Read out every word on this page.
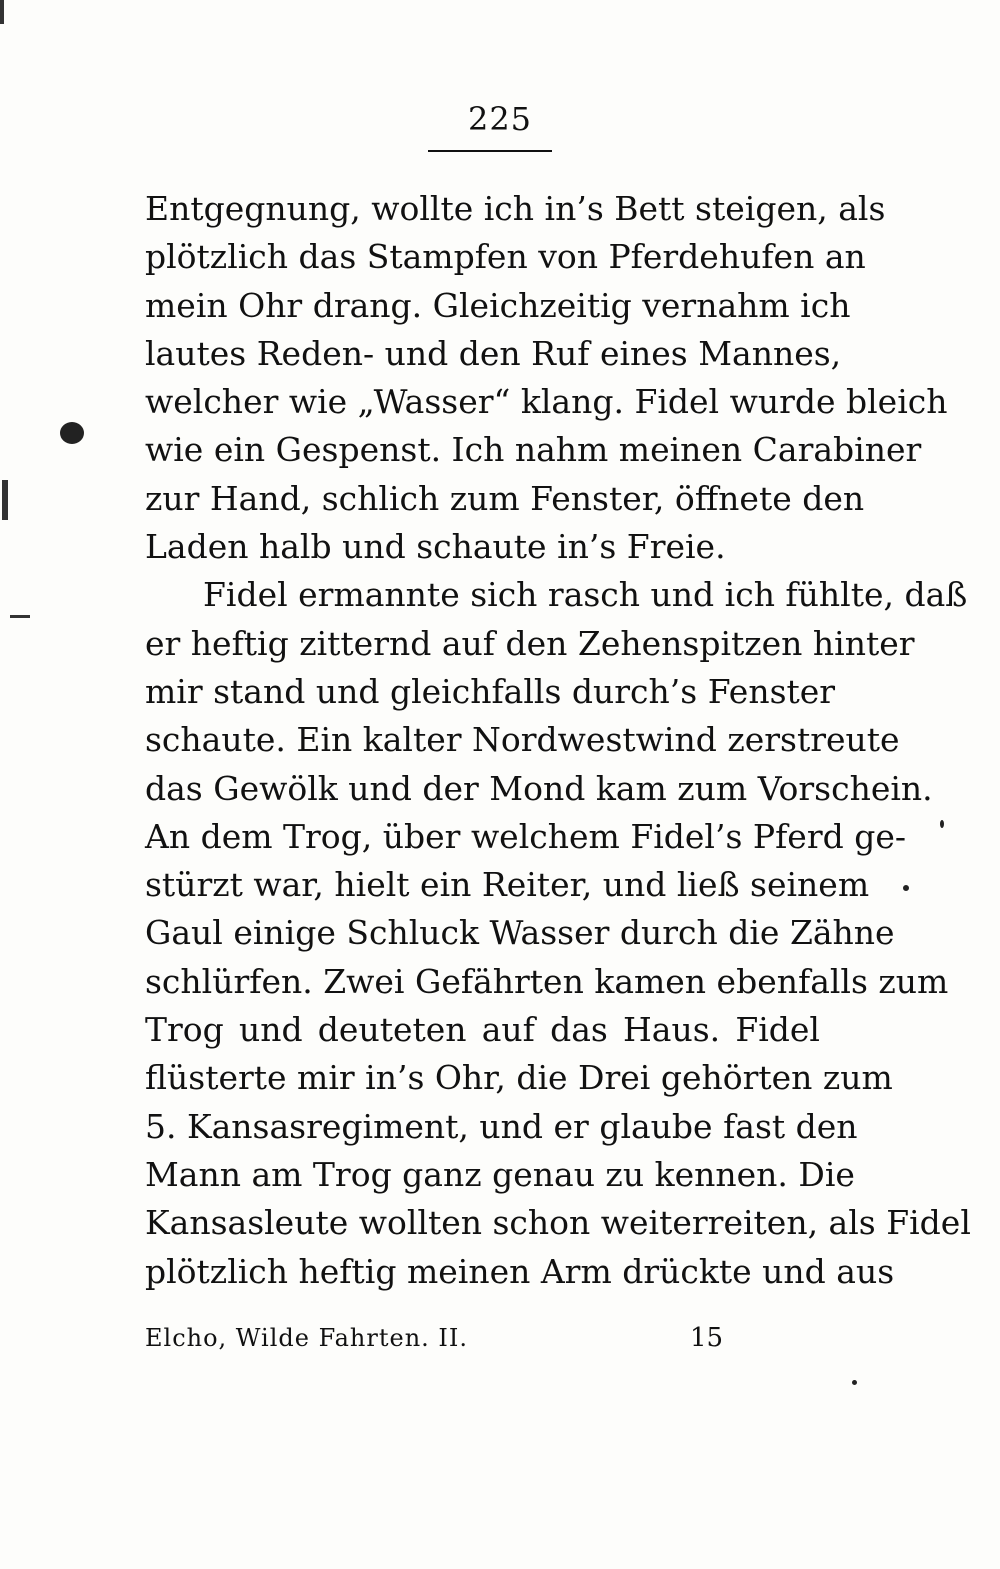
225
Entgegnung, wollte ich in’s Bett steigen, als
plötzlich das Stampfen von Pferdehufen an
mein Ohr drang. Gleichzeitig vernahm ich
lautes Reden- und den Ruf eines Mannes,
welcher wie „Wasser“ klang. Fidel wurde bleich
wie ein Gespenst. Ich nahm meinen Carabiner
zur Hand, schlich zum Fenster, öffnete den
Laden halb und schaute in’s Freie.
Fidel ermannte sich rasch und ich fühlte, daß
er heftig zitternd auf den Zehenspitzen hinter
mir stand und gleichfalls durch’s Fenster
schaute. Ein kalter Nordwestwind zerstreute
das Gewölk und der Mond kam zum Vorschein.
An dem Trog, über welchem Fidel’s Pferd ge-
stürzt war, hielt ein Reiter, und ließ seinem
Gaul einige Schluck Wasser durch die Zähne
schlürfen. Zwei Gefährten kamen ebenfalls zum
Trog und deuteten auf das Haus. Fidel
flüsterte mir in’s Ohr, die Drei gehörten zum
5. Kansasregiment, und er glaube fast den
Mann am Trog ganz genau zu kennen. Die
Kansasleute wollten schon weiterreiten, als Fidel
plötzlich heftig meinen Arm drückte und aus
Elcho, Wilde Fahrten. II.	15
